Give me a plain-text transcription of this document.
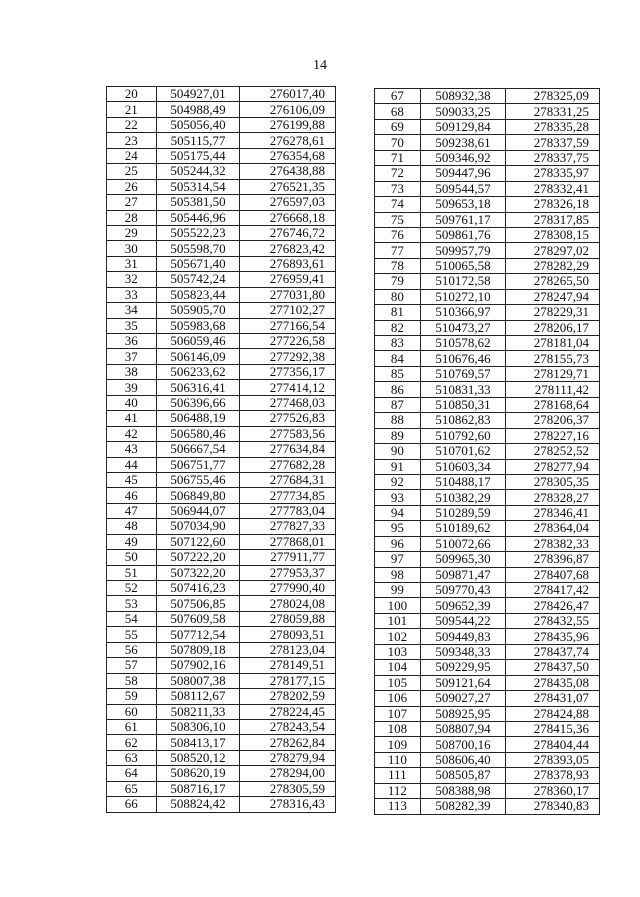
14
20	504927,01	276017,40
21	504988,49	276106,09
22	505056,40	276199,88
23	505115,77	276278,61
24	505175,44	276354,68
25	505244,32	276438,88
26	505314,54	276521,35
27	505381,50	276597,03
28	505446,96	276668,18
29	505522,23	276746,72
30	505598,70	276823,42
31	505671,40	276893,61
32	505742,24	276959,41
33	505823,44	277031,80
34	505905,70	277102,27
35	505983,68	277166,54
36	506059,46	277226,58
37	506146,09	277292,38
38	506233,62	277356,17
39	506316,41	277414,12
40	506396,66	277468,03
41	506488,19	277526,83
42	506580,46	277583,56
43	506667,54	277634,84
44	506751,77	277682,28
45	506755,46	277684,31
46	506849,80	277734,85
47	506944,07	277783,04
48	507034,90	277827,33
49	507122,60	277868,01
50	507222,20	277911,77
51	507322,20	277953,37
52	507416,23	277990,40
53	507506,85	278024,08
54	507609,58	278059,88
55	507712,54	278093,51
56	507809,18	278123,04
57	507902,16	278149,51
58	508007,38	278177,15
59	508112,67	278202,59
60	508211,33	278224,45
61	508306,10	278243,54
62	508413,17	278262,84
63	508520,12	278279,94
64	508620,19	278294,00
65	508716,17	278305,59
66	508824,42	278316,43
67	508932,38	278325,09
68	509033,25	278331,25
69	509129,84	278335,28
70	509238,61	278337,59
71	509346,92	278337,75
72	509447,96	278335,97
73	509544,57	278332,41
74	509653,18	278326,18
75	509761,17	278317,85
76	509861,76	278308,15
77	509957,79	278297,02
78	510065,58	278282,29
79	510172,58	278265,50
80	510272,10	278247,94
81	510366,97	278229,31
82	510473,27	278206,17
83	510578,62	278181,04
84	510676,46	278155,73
85	510769,57	278129,71
86	510831,33	278111,42
87	510850,31	278168,64
88	510862,83	278206,37
89	510792,60	278227,16
90	510701,62	278252,52
91	510603,34	278277,94
92	510488,17	278305,35
93	510382,29	278328,27
94	510289,59	278346,41
95	510189,62	278364,04
96	510072,66	278382,33
97	509965,30	278396,87
98	509871,47	278407,68
99	509770,43	278417,42
100	509652,39	278426,47
101	509544,22	278432,55
102	509449,83	278435,96
103	509348,33	278437,74
104	509229,95	278437,50
105	509121,64	278435,08
106	509027,27	278431,07
107	508925,95	278424,88
108	508807,94	278415,36
109	508700,16	278404,44
110	508606,40	278393,05
111	508505,87	278378,93
112	508388,98	278360,17
113	508282,39	278340,83
